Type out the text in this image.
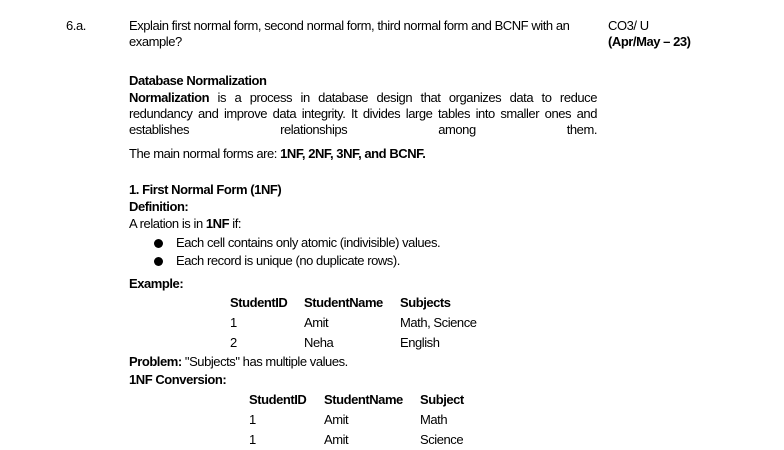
6.a.	Explain first normal form, second normal form, third normal form and BCNF with an example?
CO3/ U
(Apr/May – 23)
Database Normalization
Normalization is a process in database design that organizes data to reduce redundancy and improve data integrity. It divides large tables into smaller ones and establishes relationships among them.
The main normal forms are: 1NF, 2NF, 3NF, and BCNF.
1. First Normal Form (1NF)
Definition:
A relation is in 1NF if:
Each cell contains only atomic (indivisible) values.
Each record is unique (no duplicate rows).
Example:
StudentID	StudentName	Subjects
1	Amit	Math, Science
2	Neha	English
Problem: "Subjects" has multiple values.
1NF Conversion:
StudentID	StudentName	Subject
1	Amit	Math
1	Amit	Science
